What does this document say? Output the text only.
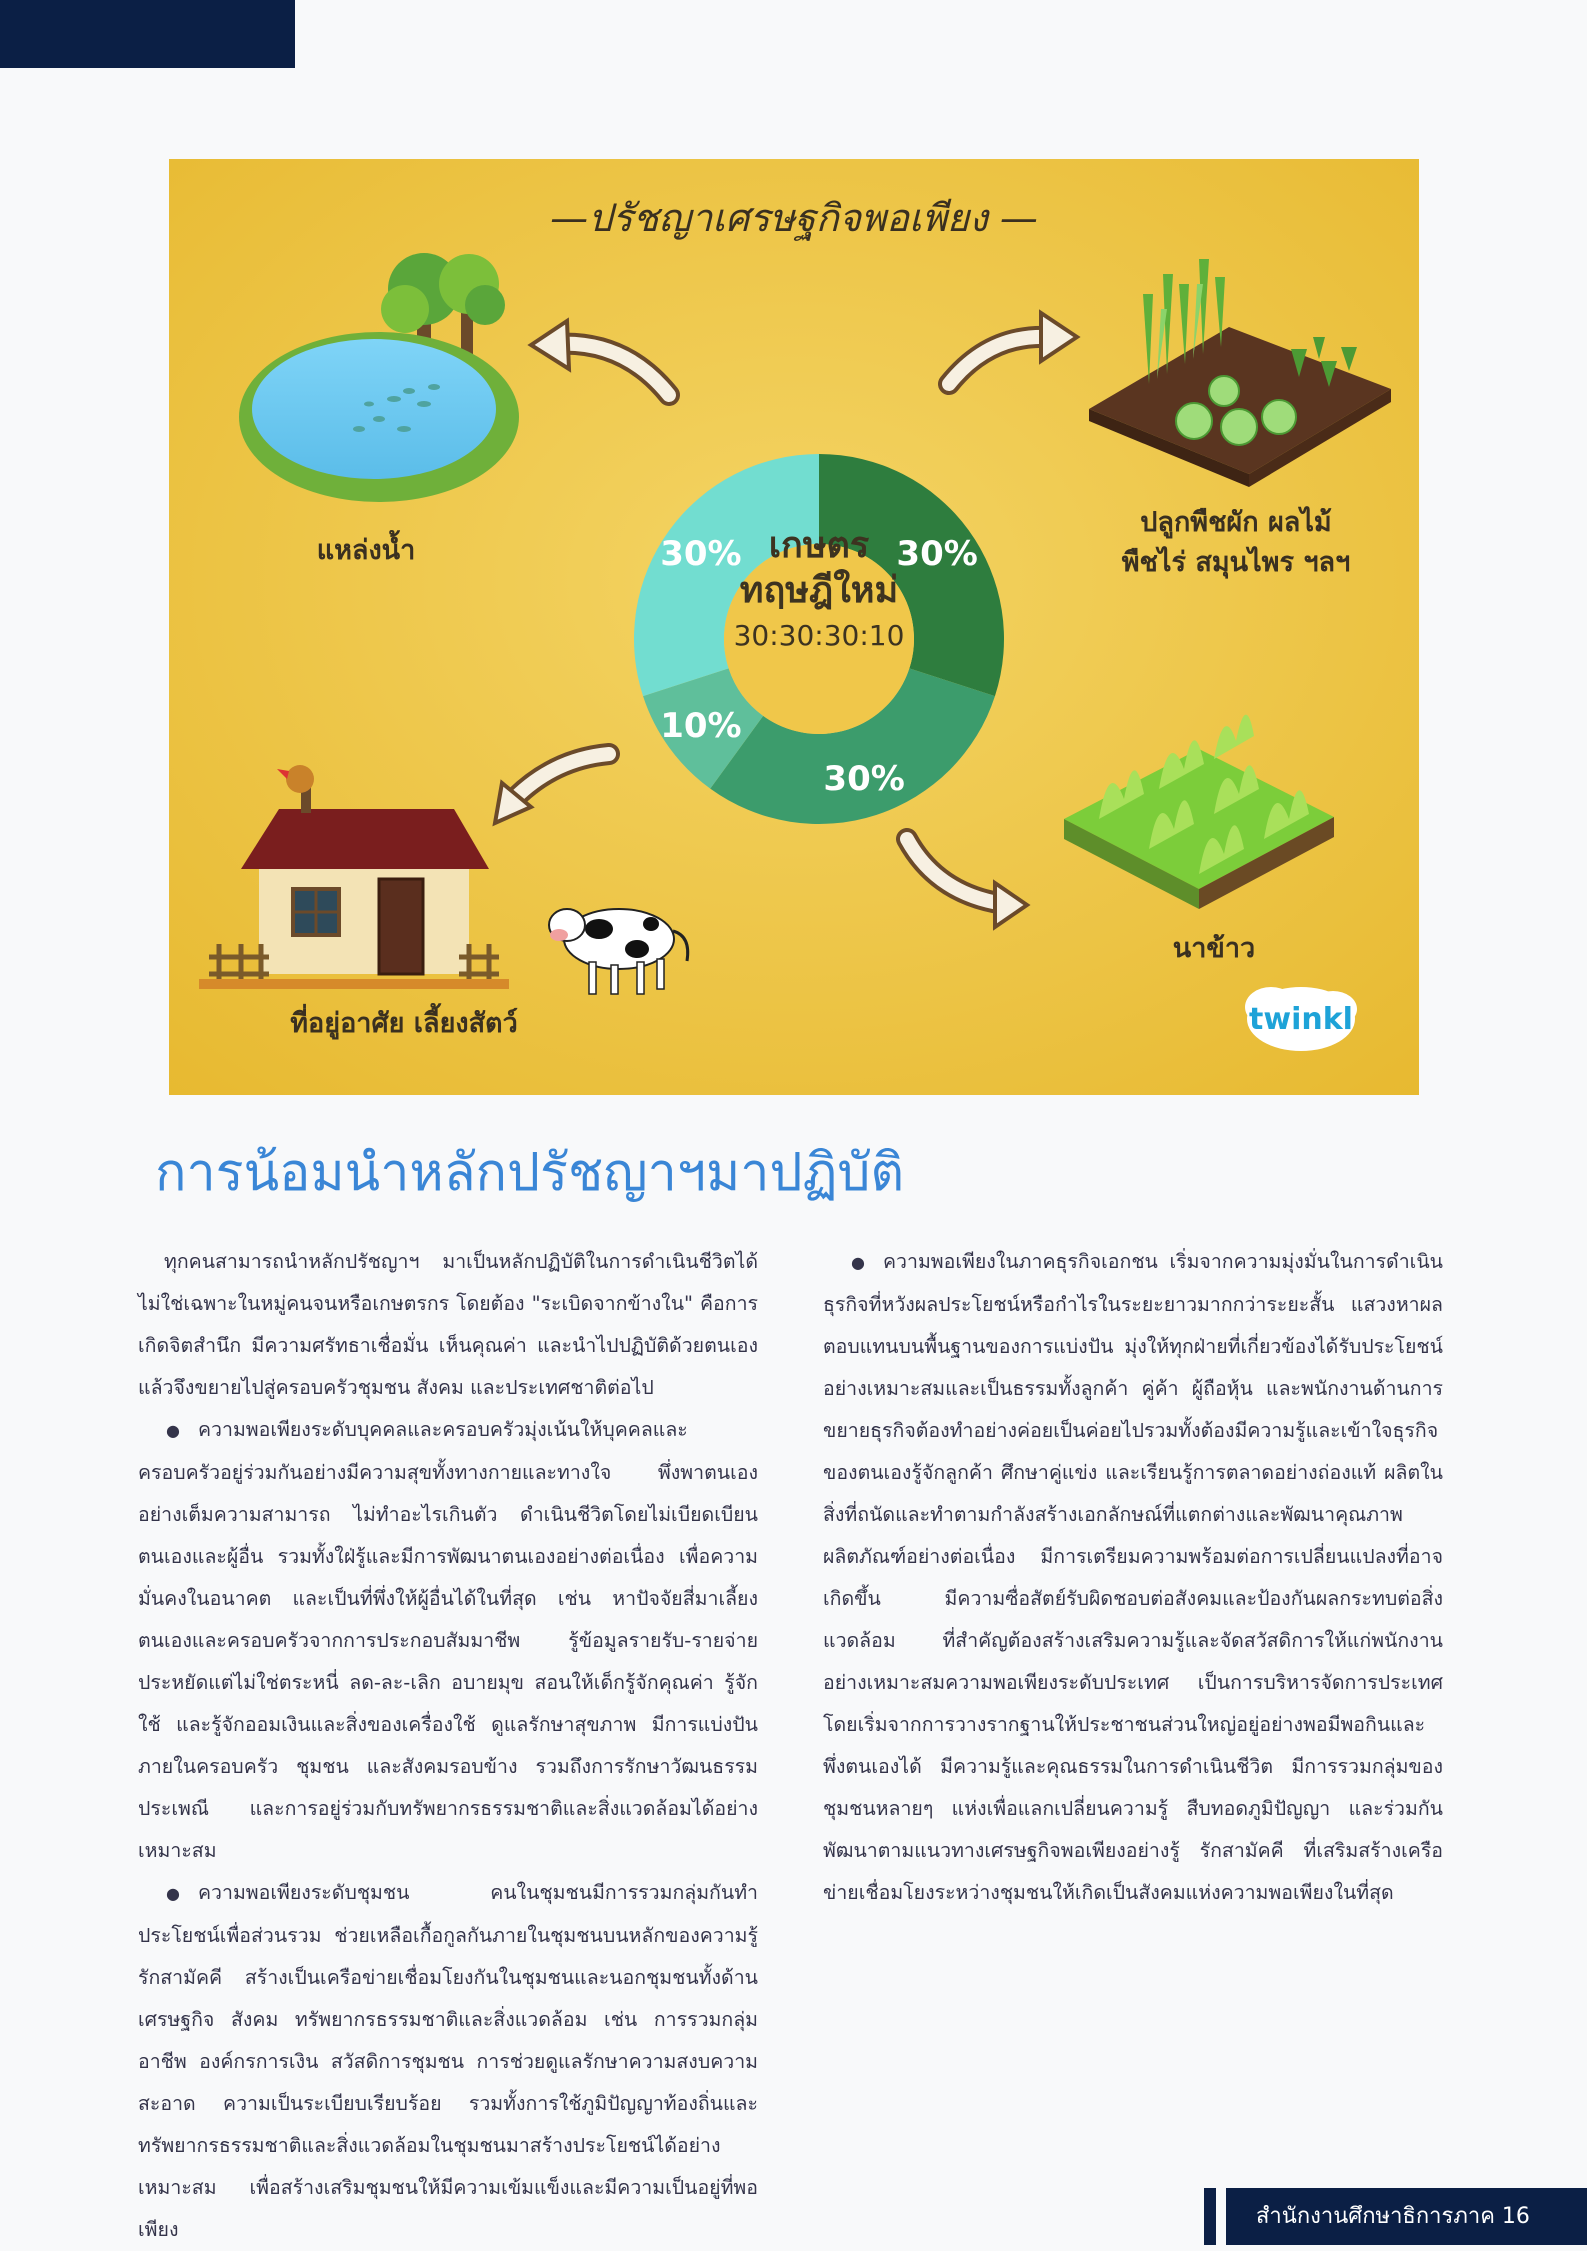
—ปรัชญาเศรษฐกิจพอเพียง —
30%
30%
10%
30% เกษตร
ทฤษฎีใหม่
30:30:30:10
แหล่งน้ำ
ปลูกพืชผัก ผลไม้
พืชไร่ สมุนไพร ฯลฯ
นาข้าว
ที่อยู่อาศัย เลี้ยงสัตว์	twinkl
การน้อมนำหลักปรัชญาฯมาปฏิบัติ

ทุกคนสามารถนำหลักปรัชญาฯ มาเป็นหลักปฏิบัติในการดำเนินชีวิตได้ ไม่ใช่เฉพาะในหมู่คนจนหรือเกษตรกร โดยต้อง "ระเบิดจากข้างใน" คือการเกิดจิตสำนึก มีความศรัทธาเชื่อมั่น เห็นคุณค่า และนำไปปฏิบัติด้วยตนเอง แล้วจึงขยายไปสู่ครอบครัวชุมชน สังคม และประเทศชาติต่อไป

● ความพอเพียงระดับบุคคลและครอบครัวมุ่งเน้นให้บุคคลและครอบครัวอยู่ร่วมกันอย่างมีความสุขทั้งทางกายและทางใจ พึ่งพาตนเองอย่างเต็มความสามารถ ไม่ทำอะไรเกินตัว ดำเนินชีวิตโดยไม่เบียดเบียนตนเองและผู้อื่น รวมทั้งใฝ่รู้และมีการพัฒนาตนเองอย่างต่อเนื่อง เพื่อความมั่นคงในอนาคต และเป็นที่พึ่งให้ผู้อื่นได้ในที่สุด เช่น หาปัจจัยสี่มาเลี้ยงตนเองและครอบครัวจากการประกอบสัมมาชีพ รู้ข้อมูลรายรับ-รายจ่าย ประหยัดแต่ไม่ใช่ตระหนี่ ลด-ละ-เลิก อบายมุข สอนให้เด็กรู้จักคุณค่า รู้จักใช้ และรู้จักออมเงินและสิ่งของเครื่องใช้ ดูแลรักษาสุขภาพ มีการแบ่งปันภายในครอบครัว ชุมชน และสังคมรอบข้าง รวมถึงการรักษาวัฒนธรรม ประเพณี และการอยู่ร่วมกับทรัพยากรธรรมชาติและสิ่งแวดล้อมได้อย่างเหมาะสม
● ความพอเพียงระดับชุมชน คนในชุมชนมีการรวมกลุ่มกันทำประโยชน์เพื่อส่วนรวม ช่วยเหลือเกื้อกูลกันภายในชุมชนบนหลักของความรู้ รักสามัคคี สร้างเป็นเครือข่ายเชื่อมโยงกันในชุมชนและนอกชุมชนทั้งด้านเศรษฐกิจ สังคม ทรัพยากรธรรมชาติและสิ่งแวดล้อม เช่น การรวมกลุ่มอาชีพ องค์กรการเงิน สวัสดิการชุมชน การช่วยดูแลรักษาความสงบความสะอาด ความเป็นระเบียบเรียบร้อย รวมทั้งการใช้ภูมิปัญญาท้องถิ่นและทรัพยากรธรรมชาติและสิ่งแวดล้อมในชุมชนมาสร้างประโยชน์ได้อย่างเหมาะสม เพื่อสร้างเสริมชุมชนให้มีความเข้มแข็งและมีความเป็นอยู่ที่พอเพียง
● ความพอเพียงในภาคธุรกิจเอกชน เริ่มจากความมุ่งมั่นในการดำเนินธุรกิจที่หวังผลประโยชน์หรือกำไรในระยะยาวมากกว่าระยะสั้น แสวงหาผลตอบแทนบนพื้นฐานของการแบ่งปัน มุ่งให้ทุกฝ่ายที่เกี่ยวข้องได้รับประโยชน์อย่างเหมาะสมและเป็นธรรมทั้งลูกค้า คู่ค้า ผู้ถือหุ้น และพนักงานด้านการขยายธุรกิจต้องทำอย่างค่อยเป็นค่อยไปรวมทั้งต้องมีความรู้และเข้าใจธุรกิจของตนเองรู้จักลูกค้า ศึกษาคู่แข่ง และเรียนรู้การตลาดอย่างถ่องแท้ ผลิตในสิ่งที่ถนัดและทำตามกำลังสร้างเอกลักษณ์ที่แตกต่างและพัฒนาคุณภาพผลิตภัณฑ์อย่างต่อเนื่อง มีการเตรียมความพร้อมต่อการเปลี่ยนแปลงที่อาจเกิดขึ้น มีความซื่อสัตย์รับผิดชอบต่อสังคมและป้องกันผลกระทบต่อสิ่งแวดล้อม ที่สำคัญต้องสร้างเสริมความรู้และจัดสวัสดิการให้แก่พนักงานอย่างเหมาะสมความพอเพียงระดับประเทศ เป็นการบริหารจัดการประเทศ โดยเริ่มจากการวางรากฐานให้ประชาชนส่วนใหญ่อยู่อย่างพอมีพอกินและพึ่งตนเองได้ มีความรู้และคุณธรรมในการดำเนินชีวิต มีการรวมกลุ่มของชุมชนหลายๆ แห่งเพื่อแลกเปลี่ยนความรู้ สืบทอดภูมิปัญญา และร่วมกันพัฒนาตามแนวทางเศรษฐกิจพอเพียงอย่างรู้ รักสามัคคี ที่เสริมสร้างเครือข่ายเชื่อมโยงระหว่างชุมชนให้เกิดเป็นสังคมแห่งความพอเพียงในที่สุด
สำนักงานศึกษาธิการภาค 16
